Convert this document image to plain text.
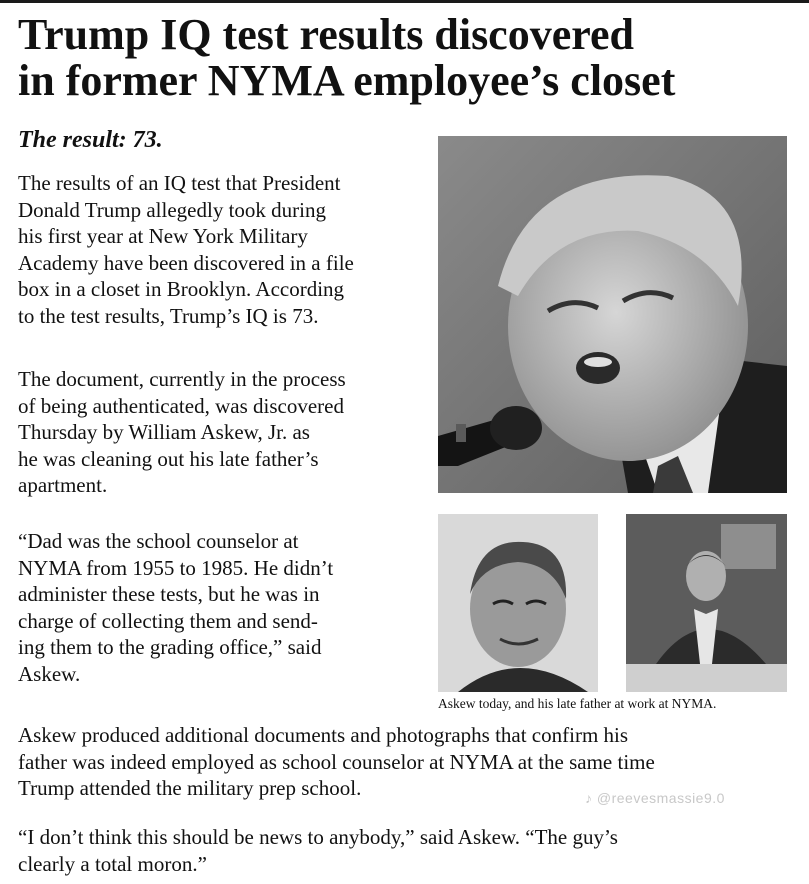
Trump IQ test results discovered
in former NYMA employee’s closet
The result: 73.

The results of an IQ test that President
Donald Trump allegedly took during
his first year at New York Military
Academy have been discovered in a file
box in a closet in Brooklyn. According
to the test results, Trump’s IQ is 73.

The document, currently in the process
of being authenticated, was discovered
Thursday by William Askew, Jr. as
he was cleaning out his late father’s
apartment.

“Dad was the school counselor at
NYMA from 1955 to 1985. He didn’t
administer these tests, but he was in
charge of collecting them and send-
ing them to the grading office,” said
Askew.

Askew today, and his late father at work at NYMA.

Askew produced additional documents and photographs that confirm his
father was indeed employed as school counselor at NYMA at the same time
Trump attended the military prep school.	♪ @reevesmassie9.0

“I don’t think this should be news to anybody,” said Askew. “The guy’s
clearly a total moron.”
